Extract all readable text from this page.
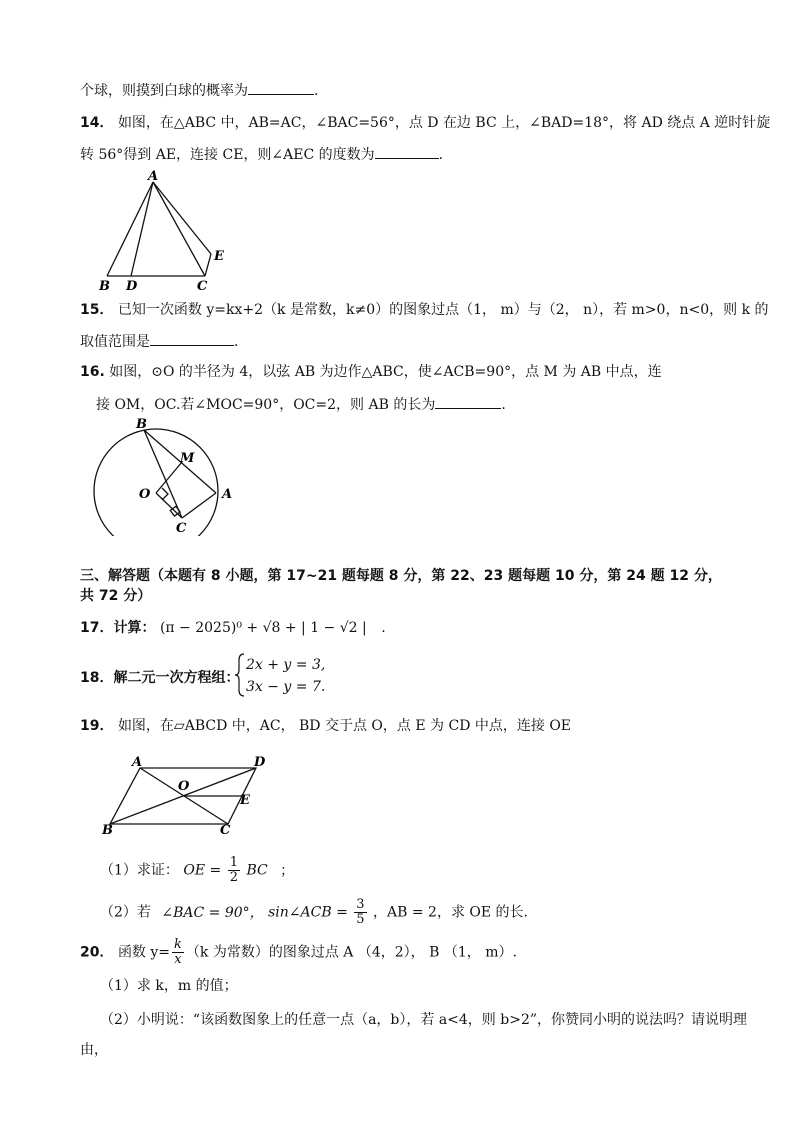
个球，则摸到白球的概率为	.
14． 如图，在△ABC 中，AB=AC，∠BAC=56°，点 D 在边 BC 上，∠BAD=18°，将 AD 绕点 A 逆时针旋
转 56°得到 AE，连接 CE，则∠AEC 的度数为	.
A
B D	C
E
15． 已知一次函数 y=kx+2（k 是常数，k≠0）的图象过点（1， m）与（2， n），若 m>0，n<0，则 k 的
取值范围是	.
16. 如图，⊙O 的半径为 4，以弦 AB 为边作△ABC，使∠ACB=90°，点 M 为 AB 中点，连
接 OM，OC.若∠MOC=90°，OC=2，则 AB 的长为	.
B
M
O	A
C
三、解答题（本题有 8 小题，第 17~21 题每题 8 分，第 22、23 题每题 10 分，第 24 题 12 分，
共 72 分）
17．计算： (π − 2025)⁰ + √8 + | 1 − √2 | .
18．解二元一次方程组：
2x + y = 3,
3x − y = 7.
19． 如图，在▱ABCD 中，AC， BD 交于点 O，点 E 为 CD 中点，连接 OE
A	D
O
E
B	C
（1）求证： OE = $\frac{1}{2}$ BC ；
（2）若 ∠BAC = 90°， sin∠ACB = $\frac{3}{5}$ ，AB = 2，求 OE 的长.
20． 函数 $y= \frac{k}{x} (k$ 为常数）的图象过点 A （4，2）， B （1， m）.
（1）求 k，m 的值；
（2）小明说：“该函数图象上的任意一点（a，b），若 a<4，则 b>2”，你赞同小明的说法吗？请说明理
由，
